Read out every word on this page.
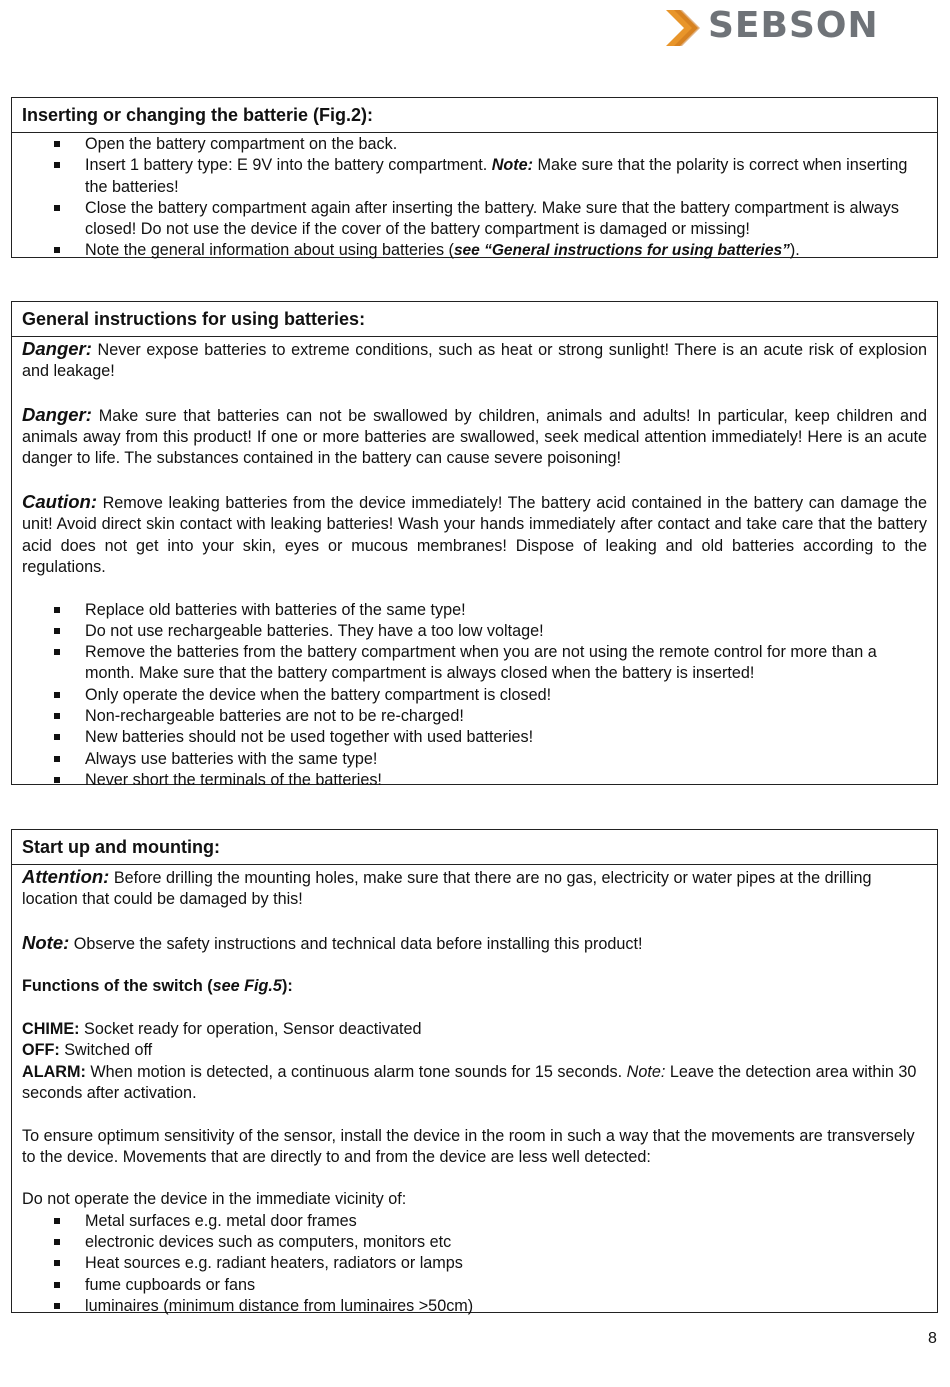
SEBSON
Inserting or changing the batterie (Fig.2):
Open the battery compartment on the back.
Insert 1 battery type: E 9V into the battery compartment. Note: Make sure that the polarity is correct when inserting the batteries!
Close the battery compartment again after inserting the battery. Make sure that the battery compartment is always closed! Do not use the device if the cover of the battery compartment is damaged or missing!
Note the general information about using batteries (see “General instructions for using batteries”).
General instructions for using batteries:

Danger: Never expose batteries to extreme conditions, such as heat or strong sunlight! There is an acute risk of explosion and leakage!

Danger: Make sure that batteries can not be swallowed by children, animals and adults! In particular, keep children and animals away from this product! If one or more batteries are swallowed, seek medical attention immediately! Here is an acute danger to life. The substances contained in the battery can cause severe poisoning!

Caution: Remove leaking batteries from the device immediately! The battery acid contained in the battery can damage the unit! Avoid direct skin contact with leaking batteries! Wash your hands immediately after contact and take care that the battery acid does not get into your skin, eyes or mucous membranes! Dispose of leaking and old batteries according to the regulations.

Replace old batteries with batteries of the same type!
Do not use rechargeable batteries. They have a too low voltage!
Remove the batteries from the battery compartment when you are not using the remote control for more than a month. Make sure that the battery compartment is always closed when the battery is inserted!
Only operate the device when the battery compartment is closed!
Non-rechargeable batteries are not to be re-charged!
New batteries should not be used together with used batteries!
Always use batteries with the same type!
Never short the terminals of the batteries!
Start up and mounting:

Attention: Before drilling the mounting holes, make sure that there are no gas, electricity or water pipes at the drilling location that could be damaged by this!

Note: Observe the safety instructions and technical data before installing this product!

Functions of the switch (see Fig.5):

CHIME: Socket ready for operation, Sensor deactivated

OFF: Switched off

ALARM: When motion is detected, a continuous alarm tone sounds for 15 seconds. Note: Leave the detection area within 30 seconds after activation.

To ensure optimum sensitivity of the sensor, install the device in the room in such a way that the movements are transversely to the device. Movements that are directly to and from the device are less well detected:

Do not operate the device in the immediate vicinity of:

Metal surfaces e.g. metal door frames
electronic devices such as computers, monitors etc
Heat sources e.g. radiant heaters, radiators or lamps
fume cupboards or fans
luminaires (minimum distance from luminaires >50cm)
8
